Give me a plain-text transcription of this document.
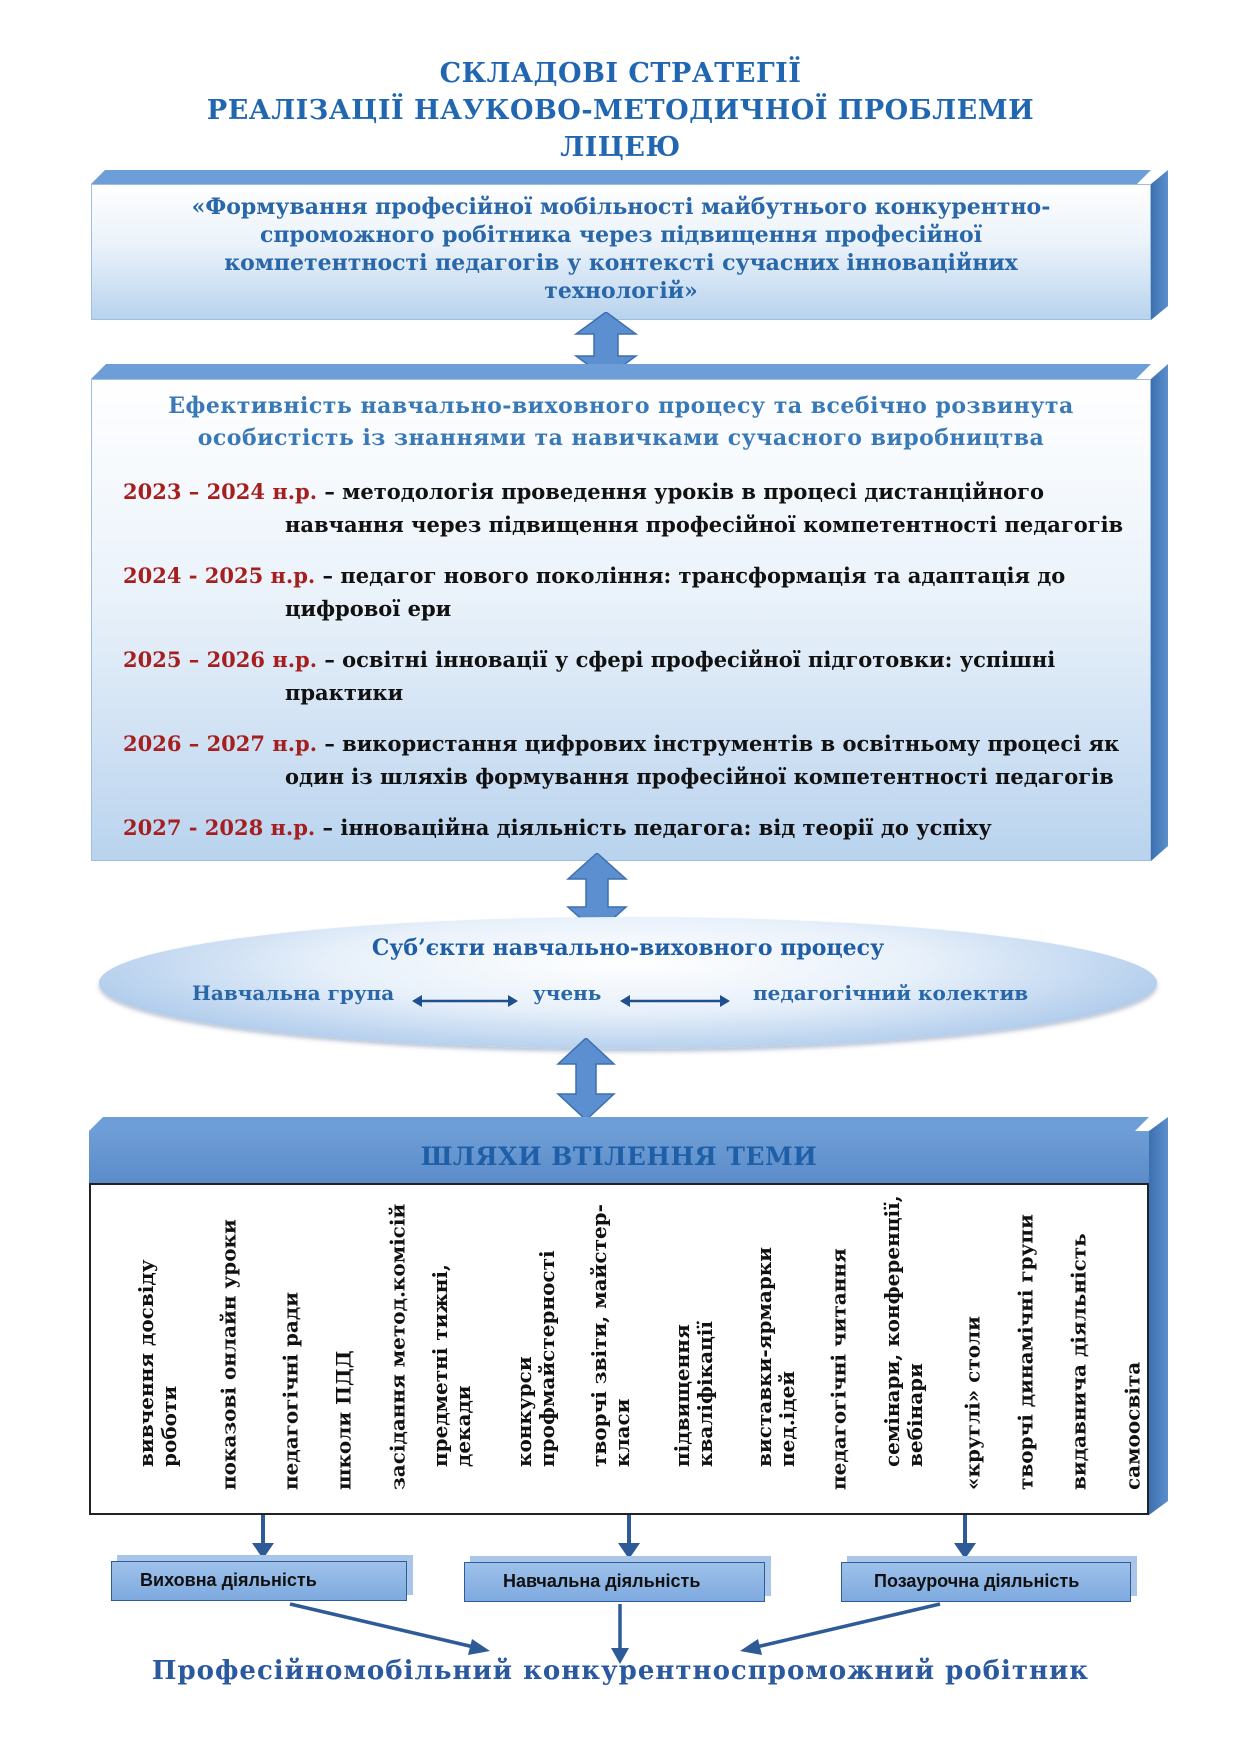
СКЛАДОВІ СТРАТЕГІЇ
РЕАЛІЗАЦІЇ НАУКОВО-МЕТОДИЧНОЇ ПРОБЛЕМИ
ЛІЦЕЮ
«Формування професійної мобільності майбутнього конкурентно-
спроможного робітника через підвищення професійної
компетентності педагогів у контексті сучасних інноваційних
технологій»
Ефективність навчально-виховного процесу та всебічно розвинута
особистість із знаннями та навичками сучасного виробництва
2023 – 2024 н.р. – методологія проведення уроків в процесі дистанційного
навчання через підвищення професійної компетентності педагогів
2024 - 2025 н.р. – педагог нового покоління: трансформація та адаптація до
цифрової ери
2025 – 2026 н.р. – освітні інновації у сфері професійної підготовки: успішні
практики
2026 – 2027 н.р. – використання цифрових інструментів в освітньому процесі як
один із шляхів формування професійної компетентності педагогів
2027 - 2028 н.р. – інноваційна діяльність педагога: від теорії до успіху
Суб’єкти навчально-виховного процесу
Навчальна група	учень	педагогічний колектив
ШЛЯХИ ВТІЛЕННЯ ТЕМИ
вивчення досвіду роботи показові онлайн уроки педагогічні ради школи ПДД засідання метод.комісій предметні тижні, декади конкурси профмайстерності творчі звіти, майстер- класи підвищення кваліфікації виставки-ярмарки пед.ідей педагогічні читання семінари, конференції, вебінари «круглі» столи творчі динамічні групи видавнича діяльність самоосвіта
Виховна діяльність	Навчальна діяльність	Позаурочна діяльність
Професійномобільний конкурентноспроможний робітник
